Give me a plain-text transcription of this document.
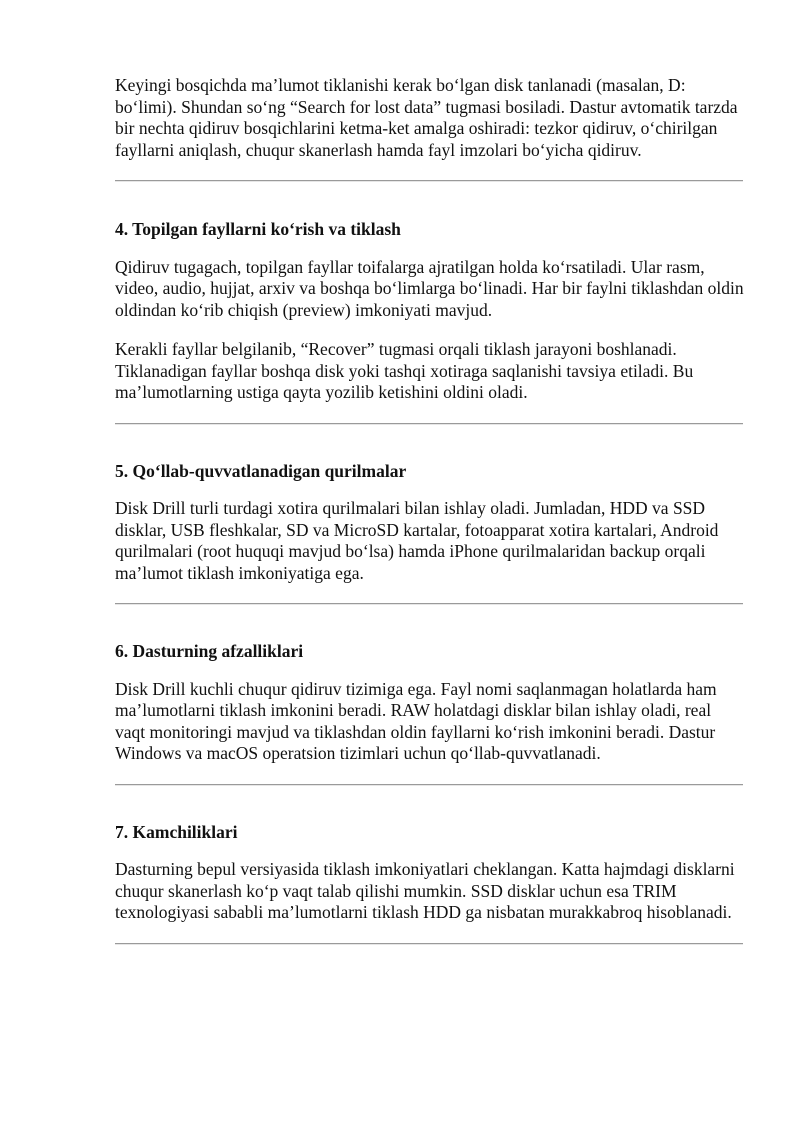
Keyingi bosqichda ma’lumot tiklanishi kerak bo‘lgan disk tanlanadi (masalan, D: bo‘limi). Shundan so‘ng “Search for lost data” tugmasi bosiladi. Dastur avtomatik tarzda bir nechta qidiruv bosqichlarini ketma-ket amalga oshiradi: tezkor qidiruv, o‘chirilgan fayllarni aniqlash, chuqur skanerlash hamda fayl imzolari bo‘yicha qidiruv.

4. Topilgan fayllarni ko‘rish va tiklash

Qidiruv tugagach, topilgan fayllar toifalarga ajratilgan holda ko‘rsatiladi. Ular rasm, video, audio, hujjat, arxiv va boshqa bo‘limlarga bo‘linadi. Har bir faylni tiklashdan oldin oldindan ko‘rib chiqish (preview) imkoniyati mavjud.

Kerakli fayllar belgilanib, “Recover” tugmasi orqali tiklash jarayoni boshlanadi. Tiklanadigan fayllar boshqa disk yoki tashqi xotiraga saqlanishi tavsiya etiladi. Bu ma’lumotlarning ustiga qayta yozilib ketishini oldini oladi.

5. Qo‘llab-quvvatlanadigan qurilmalar

Disk Drill turli turdagi xotira qurilmalari bilan ishlay oladi. Jumladan, HDD va SSD disklar, USB fleshkalar, SD va MicroSD kartalar, fotoapparat xotira kartalari, Android qurilmalari (root huquqi mavjud bo‘lsa) hamda iPhone qurilmalaridan backup orqali ma’lumot tiklash imkoniyatiga ega.

6. Dasturning afzalliklari

Disk Drill kuchli chuqur qidiruv tizimiga ega. Fayl nomi saqlanmagan holatlarda ham ma’lumotlarni tiklash imkonini beradi. RAW holatdagi disklar bilan ishlay oladi, real vaqt monitoringi mavjud va tiklashdan oldin fayllarni ko‘rish imkonini beradi. Dastur Windows va macOS operatsion tizimlari uchun qo‘llab-quvvatlanadi.

7. Kamchiliklari

Dasturning bepul versiyasida tiklash imkoniyatlari cheklangan. Katta hajmdagi disklarni chuqur skanerlash ko‘p vaqt talab qilishi mumkin. SSD disklar uchun esa TRIM texnologiyasi sababli ma’lumotlarni tiklash HDD ga nisbatan murakkabroq hisoblanadi.
